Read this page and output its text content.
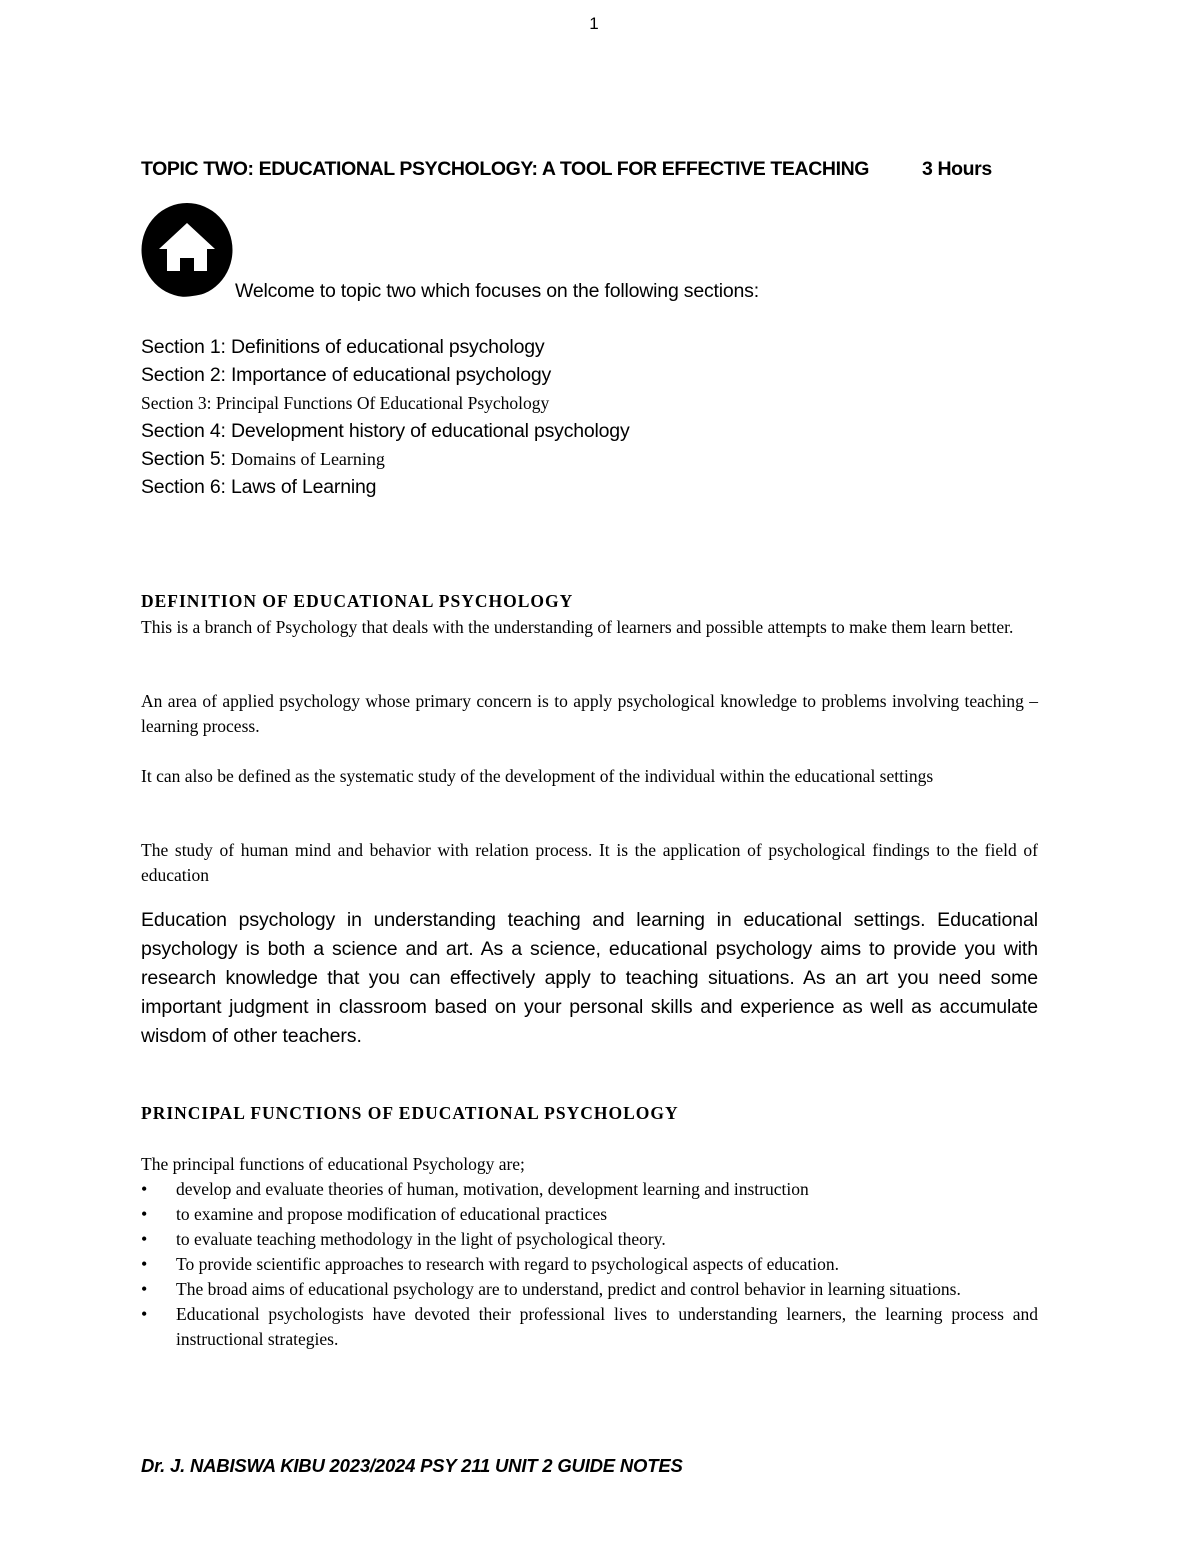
1
TOPIC TWO: EDUCATIONAL PSYCHOLOGY: A TOOL FOR EFFECTIVE TEACHING	3 Hours
Welcome to topic two which focuses on the following sections:
Section 1: Definitions of educational psychology
Section 2: Importance of educational psychology
Section 3: Principal Functions Of Educational Psychology
Section 4: Development history of educational psychology
Section 5: Domains of Learning
Section 6: Laws of Learning
DEFINITION OF EDUCATIONAL PSYCHOLOGY
This is a branch of Psychology that deals with the understanding of learners and possible attempts to make them learn better.
An area of applied psychology whose primary concern is to apply psychological knowledge to problems involving teaching – learning process.
It can also be defined as the systematic study of the development of the individual within the educational settings
The study of human mind and behavior with relation process. It is the application of psychological findings to the field of education
Education psychology in understanding teaching and learning in educational settings. Educational psychology is both a science and art. As a science, educational psychology aims to provide you with research knowledge that you can effectively apply to teaching situations. As an art you need some important judgment in classroom based on your personal skills and experience as well as accumulate wisdom of other teachers.
PRINCIPAL FUNCTIONS OF EDUCATIONAL PSYCHOLOGY
The principal functions of educational Psychology are;
• develop and evaluate theories of human, motivation, development learning and instruction
• to examine and propose modification of educational practices
• to evaluate teaching methodology in the light of psychological theory.
• To provide scientific approaches to research with regard to psychological aspects of education.
• The broad aims of educational psychology are to understand, predict and control behavior in learning situations.
• Educational psychologists have devoted their professional lives to understanding learners, the learning process and instructional strategies.
Dr. J. NABISWA KIBU 2023/2024 PSY 211 UNIT 2 GUIDE NOTES
